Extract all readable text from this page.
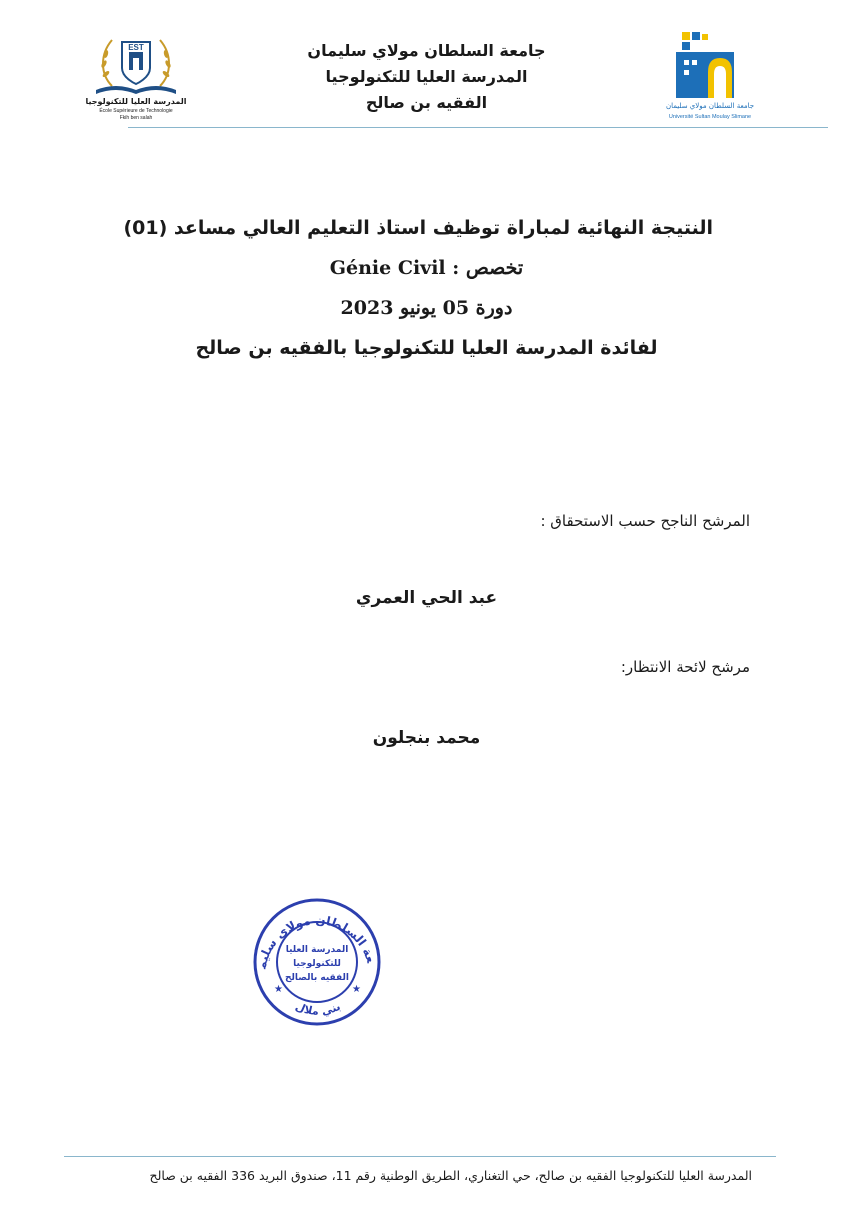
جامعة السلطان مولاي سليمان
المدرسة العليا للتكنولوجيا
الفقيه بن صالح
EST
المدرسة العليا للتكنولوجيا
École Supérieure de Technologie
Fkih ben salah
جامعة السلطان مولاي سليمان
Université Sultan Moulay Slimane
النتيجة النهائية لمباراة توظيف استاذ التعليم العالي مساعد (01)
تخصص : Génie Civil
دورة 05 يونيو 2023
لفائدة المدرسة العليا للتكنولوجيا بالفقيه بن صالح
المرشح الناجح حسب الاستحقاق :
عبد الحي العمري
مرشح لائحة الانتظار:
محمد بنجلون
عة السلطان مولاي سليم
بني ملال
★	★
المدرسة العليا
للتكنولوجيا
الفقيه بالصالح
المدرسة العليا للتكنولوجيا الفقيه بن صالح، حي التغناري، الطريق الوطنية رقم 11، صندوق البريد 336 الفقيه بن صالح
